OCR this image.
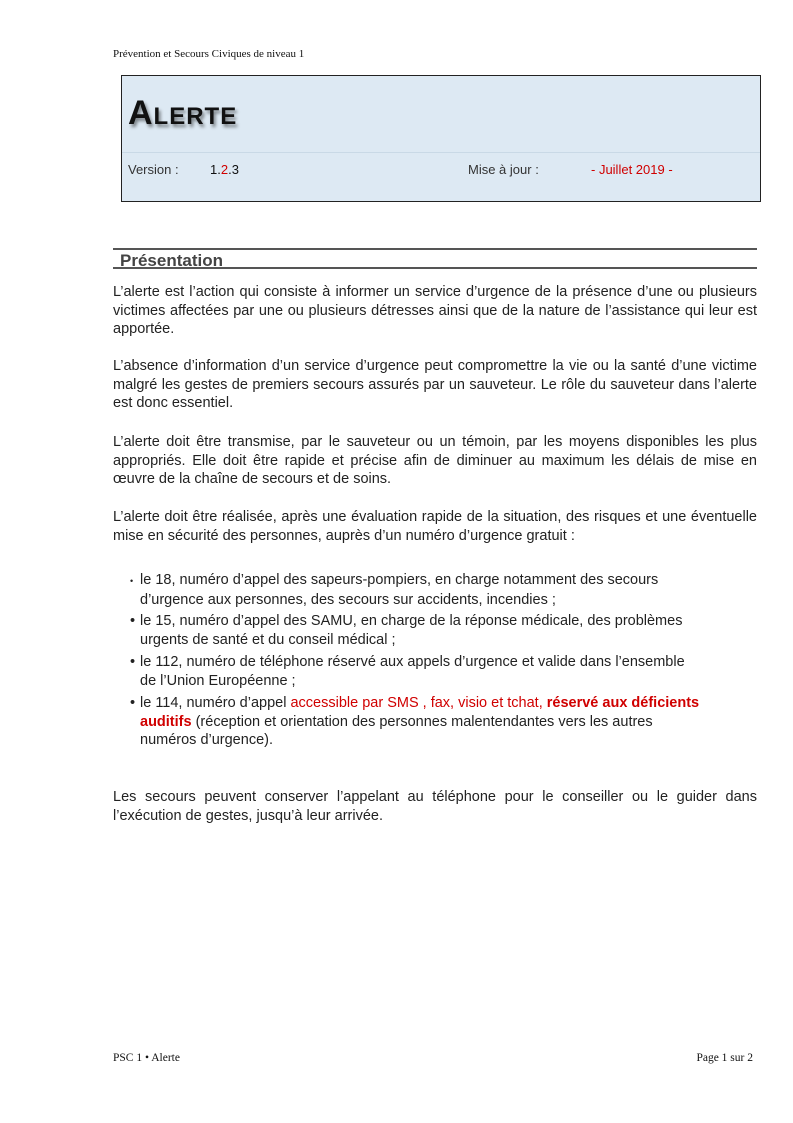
Prévention et Secours Civiques de niveau 1
Alerte
Version : 1.2.3	Mise à jour :	- Juillet 2019 -
Présentation

L’alerte est l’action qui consiste à informer un service d’urgence de la présence d’une ou plusieurs victimes affectées par une ou plusieurs détresses ainsi que de la nature de l’assistance qui leur est apportée.

L’absence d’information d’un service d’urgence peut compromettre la vie ou la santé d’une victime malgré les gestes de premiers secours assurés par un sauveteur. Le rôle du sauveteur dans l’alerte est donc essentiel.

L’alerte doit être transmise, par le sauveteur ou un témoin, par les moyens disponibles les plus appropriés. Elle doit être rapide et précise afin de diminuer au maximum les délais de mise en œuvre de la chaîne de secours et de soins.

L’alerte doit être réalisée, après une évaluation rapide de la situation, des risques et une éventuelle mise en sécurité des personnes, auprès d’un numéro d’urgence gratuit :

• le 18, numéro d’appel des sapeurs-pompiers, en charge notamment des secours
d’urgence aux personnes, des secours sur accidents, incendies ;
• le 15, numéro d’appel des SAMU, en charge de la réponse médicale, des problèmes
urgents de santé et du conseil médical ;
• le 112, numéro de téléphone réservé aux appels d’urgence et valide dans l’ensemble
de l’Union Européenne ;
• le 114, numéro d’appel accessible par SMS , fax, visio et tchat, réservé aux déficients
auditifs (réception et orientation des personnes malentendantes vers les autres
numéros d’urgence).

Les secours peuvent conserver l’appelant au téléphone pour le conseiller ou le guider dans l’exécution de gestes, jusqu’à leur arrivée.

PSC 1 • Alerte	Page 1 sur 2
